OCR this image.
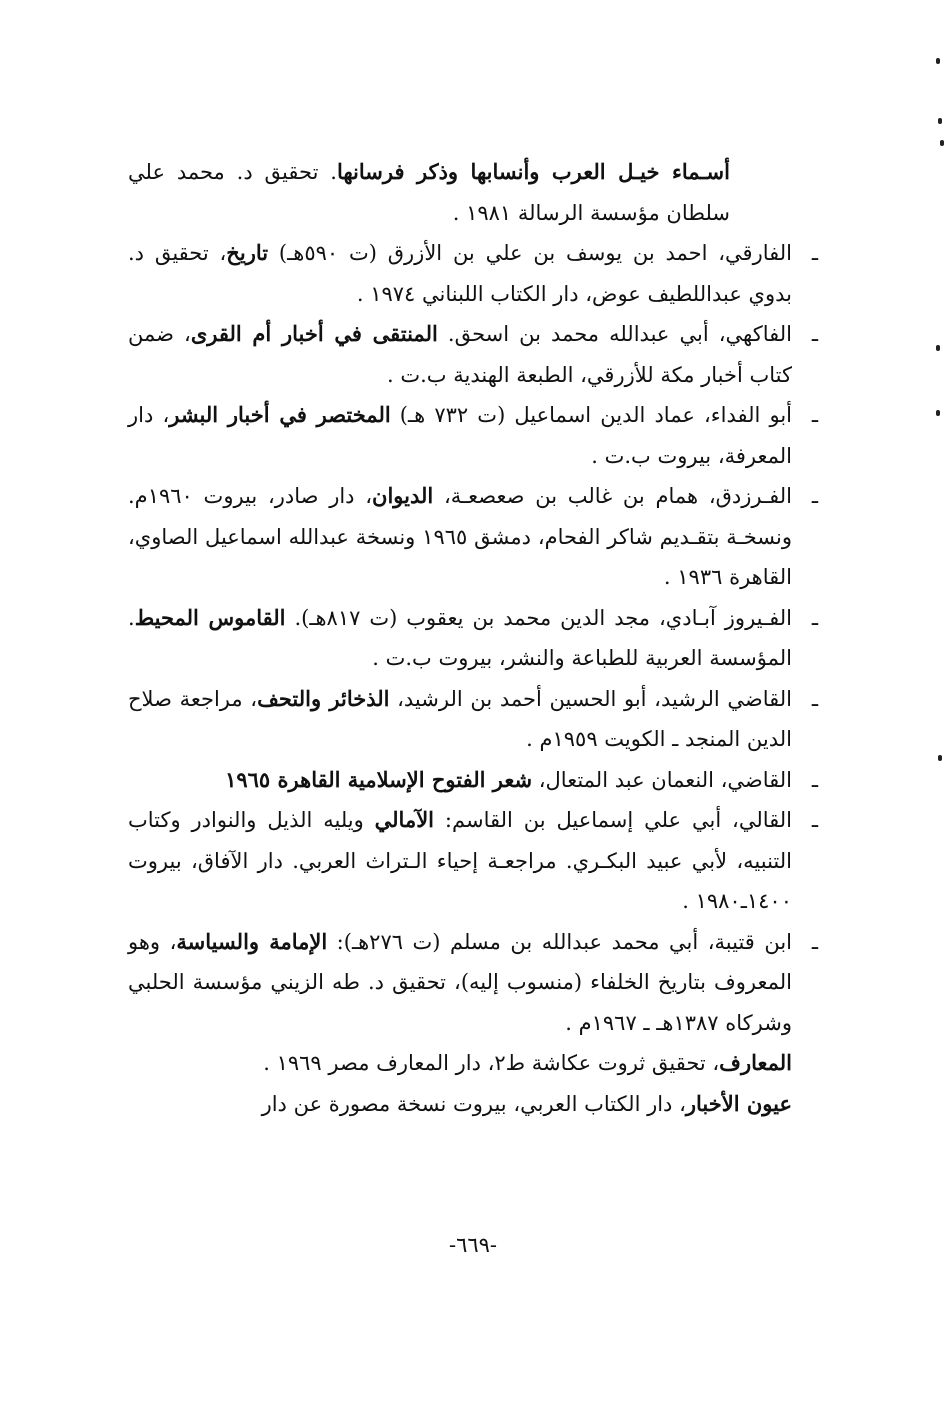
أسـماء خيـل العرب وأنسابها وذكر فرسانها. تحقيق د. محمد علي سلطان مؤسسة الرسالة ١٩٨١ .

ـ الفارقي، احمد بن يوسف بن علي بن الأزرق (ت ٥٩٠هـ) تاريخ، تحقيق د. بدوي عبداللطيف عوض، دار الكتاب اللبناني ١٩٧٤ .

ـ الفاكهي، أبي عبدالله محمد بن اسحق. المنتقى في أخبار أم القرى، ضمن كتاب أخبار مكة للأزرقي، الطبعة الهندية ب.ت .

ـ أبو الفداء، عماد الدين اسماعيل (ت ٧٣٢ هـ) المختصر في أخبار البشر، دار المعرفة، بيروت ب.ت .

ـ الفـرزدق، همام بن غالب بن صعصعـة، الديوان، دار صادر، بيروت ١٩٦٠م. ونسخـة بتقـديم شاكر الفحام، دمشق ١٩٦٥ ونسخة عبدالله اسماعيل الصاوي، القاهرة ١٩٣٦ .

ـ الفـيروز آبـادي، مجد الدين محمد بن يعقوب (ت ٨١٧هـ). القاموس المحيط. المؤسسة العربية للطباعة والنشر، بيروت ب.ت .

ـ القاضي الرشيد، أبو الحسين أحمد بن الرشيد، الذخائر والتحف، مراجعة صلاح الدين المنجد ـ الكويت ١٩٥٩م .

ـ القاضي، النعمان عبد المتعال، شعر الفتوح الإسلامية القاهرة ١٩٦٥

ـ القالي، أبي علي إسماعيل بن القاسم: الآمالي ويليه الذيل والنوادر وكتاب التنبيه، لأبي عبيد البكـري. مراجعـة إحياء الـتراث العربي. دار الآفاق، بيروت ١٤٠٠ـ١٩٨٠ .

ـ ابن قتيبة، أبي محمد عبدالله بن مسلم (ت ٢٧٦هـ): الإمامة والسياسة، وهو المعروف بتاريخ الخلفاء (منسوب إليه)، تحقيق د. طه الزيني مؤسسة الحلبي وشركاه ١٣٨٧هـ ـ ١٩٦٧م .

المعارف، تحقيق ثروت عكاشة ط٢، دار المعارف مصر ١٩٦٩ .

عيون الأخبار، دار الكتاب العربي، بيروت نسخة مصورة عن دار

-٦٦٩-
